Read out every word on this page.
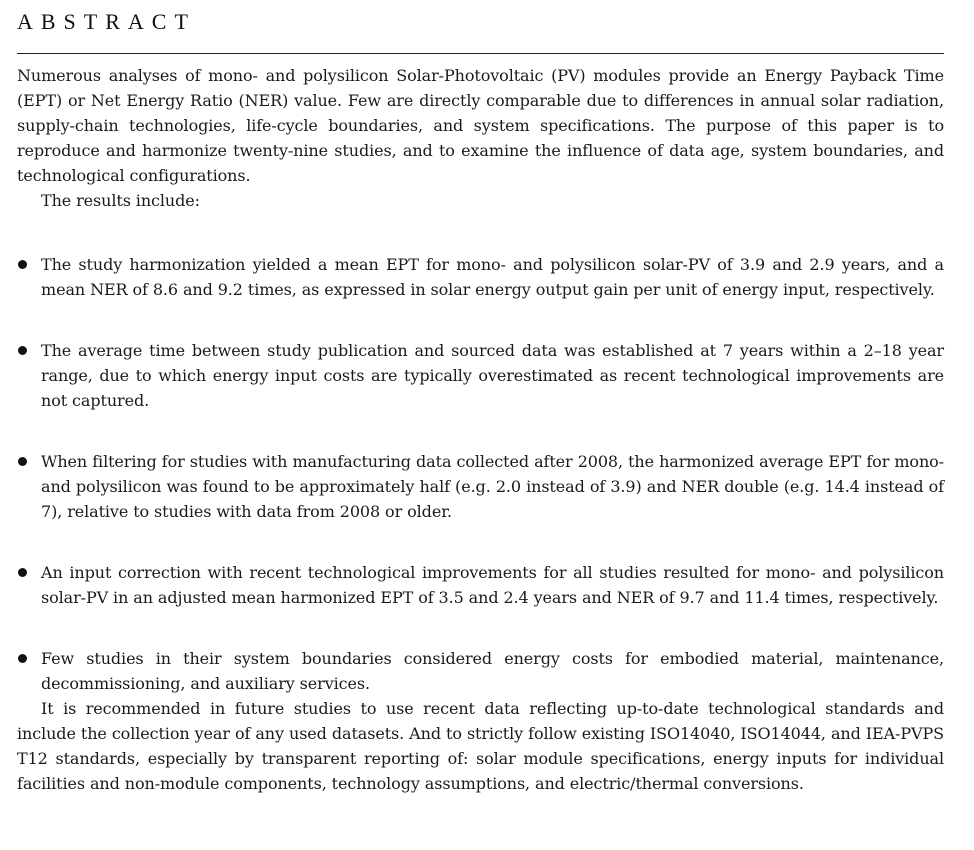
ABSTRACT

Numerous analyses of mono- and polysilicon Solar-Photovoltaic (PV) modules provide an Energy Payback Time (EPT) or Net Energy Ratio (NER) value. Few are directly comparable due to differences in annual solar radiation, supply-chain technologies, life-cycle boundaries, and system specifications. The purpose of this paper is to reproduce and harmonize twenty-nine studies, and to examine the influence of data age, system boundaries, and technological configurations.

The results include:

The study harmonization yielded a mean EPT for mono- and polysilicon solar-PV of 3.9 and 2.9 years, and a mean NER of 8.6 and 9.2 times, as expressed in solar energy output gain per unit of energy input, respectively.
The average time between study publication and sourced data was established at 7 years within a 2–18 year range, due to which energy input costs are typically overestimated as recent technological improvements are not captured.
When filtering for studies with manufacturing data collected after 2008, the harmonized average EPT for mono- and polysilicon was found to be approximately half (e.g. 2.0 instead of 3.9) and NER double (e.g. 14.4 instead of 7), relative to studies with data from 2008 or older.
An input correction with recent technological improvements for all studies resulted for mono- and polysilicon solar-PV in an adjusted mean harmonized EPT of 3.5 and 2.4 years and NER of 9.7 and 11.4 times, respectively.
Few studies in their system boundaries considered energy costs for embodied material, maintenance, decommissioning, and auxiliary services.

It is recommended in future studies to use recent data reflecting up-to-date technological standards and include the collection year of any used datasets. And to strictly follow existing ISO14040, ISO14044, and IEA-PVPS T12 standards, especially by transparent reporting of: solar module specifications, energy inputs for individual facilities and non-module components, technology assumptions, and electric/thermal conversions.
